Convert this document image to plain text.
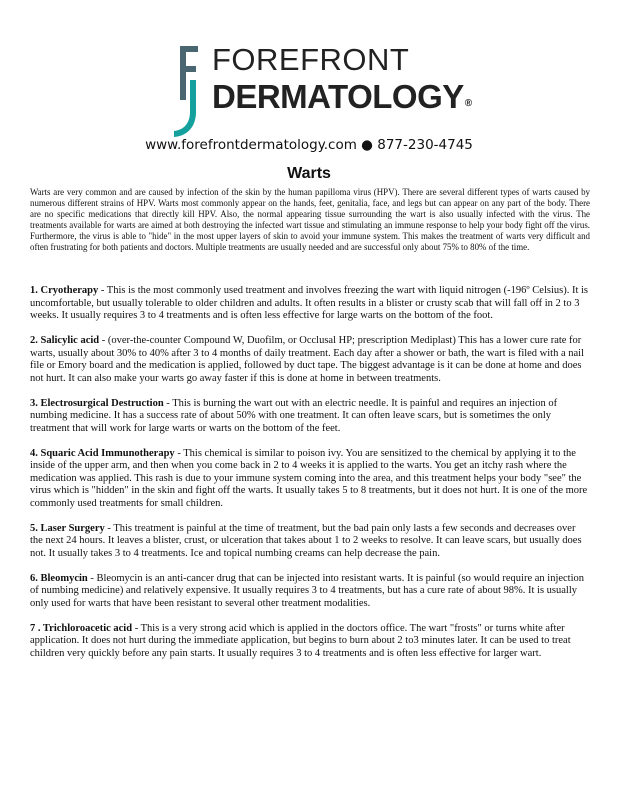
FOREFRONT
DERMATOLOGY®
www.forefrontdermatology.com ● 877-230-4745
Warts

Warts are very common and are caused by infection of the skin by the human papilloma virus (HPV). There are several different types of warts caused by numerous different strains of HPV. Warts most commonly appear on the hands, feet, genitalia, face, and legs but can appear on any part of the body. There are no specific medications that directly kill HPV. Also, the normal appearing tissue surrounding the wart is also usually infected with the virus. The treatments available for warts are aimed at both destroying the infected wart tissue and stimulating an immune response to help your body fight off the virus. Furthermore, the virus is able to "hide" in the most upper layers of skin to avoid your immune system. This makes the treatment of warts very difficult and often frustrating for both patients and doctors. Multiple treatments are usually needed and are successful only about 75% to 80% of the time.

1. Cryotherapy - This is the most commonly used treatment and involves freezing the wart with liquid nitrogen (-196º Celsius). It is uncomfortable, but usually tolerable to older children and adults. It often results in a blister or crusty scab that will fall off in 2 to 3 weeks. It usually requires 3 to 4 treatments and is often less effective for large warts on the bottom of the foot.

2. Salicylic acid - (over-the-counter Compound W, Duofilm, or Occlusal HP; prescription Mediplast) This has a lower cure rate for warts, usually about 30% to 40% after 3 to 4 months of daily treatment. Each day after a shower or bath, the wart is filed with a nail file or Emory board and the medication is applied, followed by duct tape. The biggest advantage is it can be done at home and does not hurt. It can also make your warts go away faster if this is done at home in between treatments.

3. Electrosurgical Destruction - This is burning the wart out with an electric needle. It is painful and requires an injection of numbing medicine. It has a success rate of about 50% with one treatment. It can often leave scars, but is sometimes the only treatment that will work for large warts or warts on the bottom of the feet.

4. Squaric Acid Immunotherapy - This chemical is similar to poison ivy. You are sensitized to the chemical by applying it to the inside of the upper arm, and then when you come back in 2 to 4 weeks it is applied to the warts. You get an itchy rash where the medication was applied. This rash is due to your immune system coming into the area, and this treatment helps your body "see" the virus which is "hidden" in the skin and fight off the warts. It usually takes 5 to 8 treatments, but it does not hurt. It is one of the more commonly used treatments for small children.

5. Laser Surgery - This treatment is painful at the time of treatment, but the bad pain only lasts a few seconds and decreases over the next 24 hours. It leaves a blister, crust, or ulceration that takes about 1 to 2 weeks to resolve. It can leave scars, but usually does not. It usually takes 3 to 4 treatments. Ice and topical numbing creams can help decrease the pain.

6. Bleomycin - Bleomycin is an anti-cancer drug that can be injected into resistant warts. It is painful (so would require an injection of numbing medicine) and relatively expensive. It usually requires 3 to 4 treatments, but has a cure rate of about 98%. It is usually only used for warts that have been resistant to several other treatment modalities.

7 . Trichloroacetic acid - This is a very strong acid which is applied in the doctors office. The wart "frosts" or turns white after application. It does not hurt during the immediate application, but begins to burn about 2 to3 minutes later. It can be used to treat children very quickly before any pain starts. It usually requires 3 to 4 treatments and is often less effective for larger wart.
